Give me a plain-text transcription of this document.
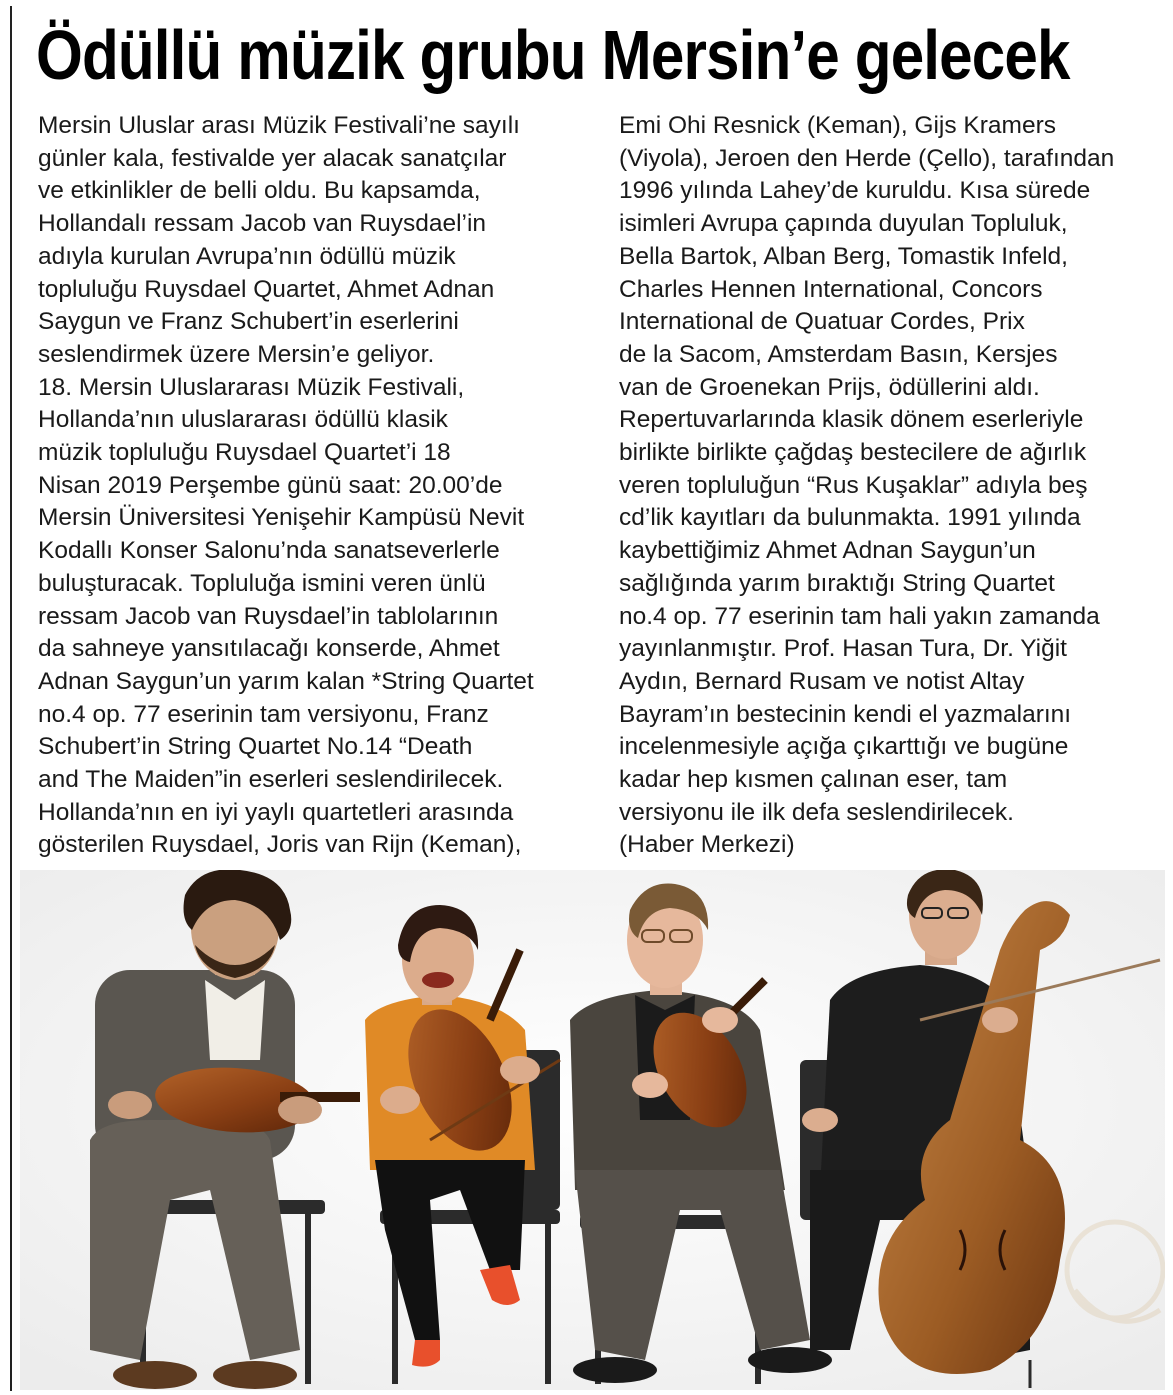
Ödüllü müzik grubu Mersin’e gelecek
Mersin Uluslar arası Müzik Festivali’ne sayılı
günler kala, festivalde yer alacak sanatçılar
ve etkinlikler de belli oldu. Bu kapsamda,
Hollandalı ressam Jacob van Ruysdael’in
adıyla kurulan Avrupa’nın ödüllü müzik
topluluğu Ruysdael Quartet, Ahmet Adnan
Saygun ve Franz Schubert’in eserlerini
seslendirmek üzere Mersin’e geliyor.
18. Mersin Uluslararası Müzik Festivali,
Hollanda’nın uluslararası ödüllü klasik
müzik topluluğu Ruysdael Quartet’i 18
Nisan 2019 Perşembe günü saat: 20.00’de
Mersin Üniversitesi Yenişehir Kampüsü Nevit
Kodallı Konser Salonu’nda sanatseverlerle
buluşturacak. Topluluğa ismini veren ünlü
ressam Jacob van Ruysdael’in tablolarının
da sahneye yansıtılacağı konserde, Ahmet
Adnan Saygun’un yarım kalan *String Quartet
no.4 op. 77 eserinin tam versiyonu, Franz
Schubert’in String Quartet No.14 “Death
and The Maiden”in eserleri seslendirilecek.
Hollanda’nın en iyi yaylı quartetleri arasında
gösterilen Ruysdael, Joris van Rijn (Keman),
Emi Ohi Resnick (Keman), Gijs Kramers
(Viyola), Jeroen den Herde (Çello), tarafından
1996 yılında Lahey’de kuruldu. Kısa sürede
isimleri Avrupa çapında duyulan Topluluk,
Bella Bartok, Alban Berg, Tomastik Infeld,
Charles Hennen International, Concors
International de Quatuar Cordes, Prix
de la Sacom, Amsterdam Basın, Kersjes
van de Groenekan Prijs, ödüllerini aldı.
Repertuvarlarında klasik dönem eserleriyle
birlikte birlikte çağdaş bestecilere de ağırlık
veren topluluğun “Rus Kuşaklar” adıyla beş
cd’lik kayıtları da bulunmakta. 1991 yılında
kaybettiğimiz Ahmet Adnan Saygun’un
sağlığında yarım bıraktığı String Quartet
no.4 op. 77 eserinin tam hali yakın zamanda
yayınlanmıştır. Prof. Hasan Tura, Dr. Yiğit
Aydın, Bernard Rusam ve notist Altay
Bayram’ın bestecinin kendi el yazmalarını
incelenmesiyle açığa çıkarttığı ve bugüne
kadar hep kısmen çalınan eser, tam
versiyonu ile ilk defa seslendirilecek.
(Haber Merkezi)
